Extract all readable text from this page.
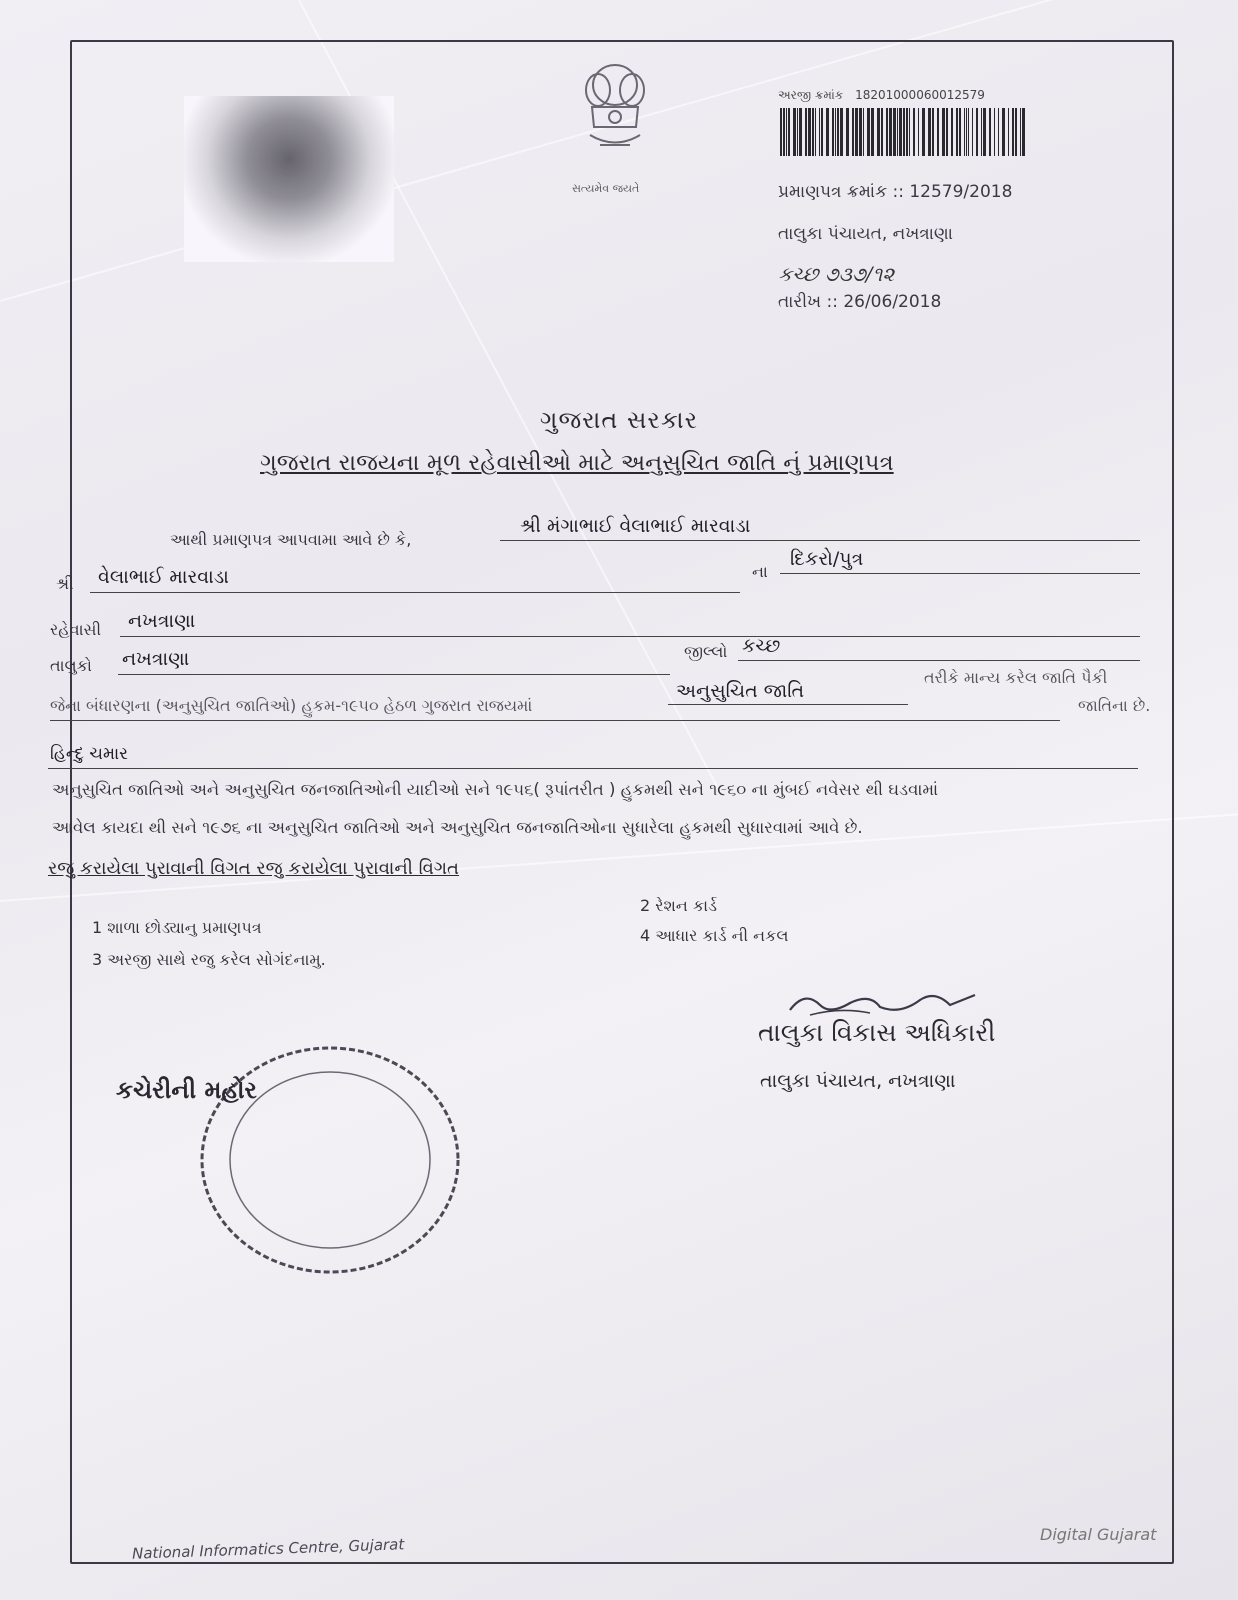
સત્યમેવ જયતે
અરજી ક્રમાંક 18201000060012579
પ્રમાણપત્ર ક્રમાંક :: 12579/2018
તાલુકા પંચાયત, નખત્રાણા
કચ્છ ૭૩૭/૧૨
તારીખ :: 26/06/2018
ગુજરાત સરકાર
ગુજરાત રાજયના મૂળ રહેવાસીઓ માટે અનુસુચિત જાતિ નું પ્રમાણપત્ર
આથી પ્રમાણપત્ર આપવામા આવે છે કે,
શ્રી મંગાભાઈ વેલાભાઈ મારવાડા
શ્રી વેલાભાઈ મારવાડા	ના
દિકરો/પુત્ર
રહેવાસી નખત્રાણા
તાલુકો નખત્રાણા	જીલ્લો કચ્છ
જેના બંધારણના (અનુસુચિત જાતિઓ) હુકમ-૧૯૫૦ હેઠળ ગુજરાત રાજયમાં
અનુસુચિત જાતિ
તરીકે માન્ય કરેલ જાતિ પૈકી
જાતિના છે.
હિન્દુ ચમાર
અનુસુચિત જાતિઓ અને અનુસુચિત જનજાતિઓની યાદીઓ સને ૧૯૫૬( રૂપાંતરીત ) હુકમથી સને ૧૯૬૦ ના મુંબઈ નવેસર થી ઘડવામાં
આવેલ કાયદા થી સને ૧૯૭૬ ના અનુસુચિત જાતિઓ અને અનુસુચિત જનજાતિઓના સુધારેલા હુકમથી સુધારવામાં આવે છે.
રજુ કરાયેલા પુરાવાની વિગત રજુ કરાયેલા પુરાવાની વિગત
1 શાળા છોડ્યાનુ પ્રમાણપત્ર
2 રેશન કાર્ડ
3 અરજી સાથે રજુ કરેલ સોગંદનામુ.
4 આધાર કાર્ડ ની નકલ
તાલુકા વિકાસ અધિકારી
તાલુકા પંચાયત, નખત્રાણા
કચેરીની મહોર
National Informatics Centre, Gujarat
Digital Gujarat
